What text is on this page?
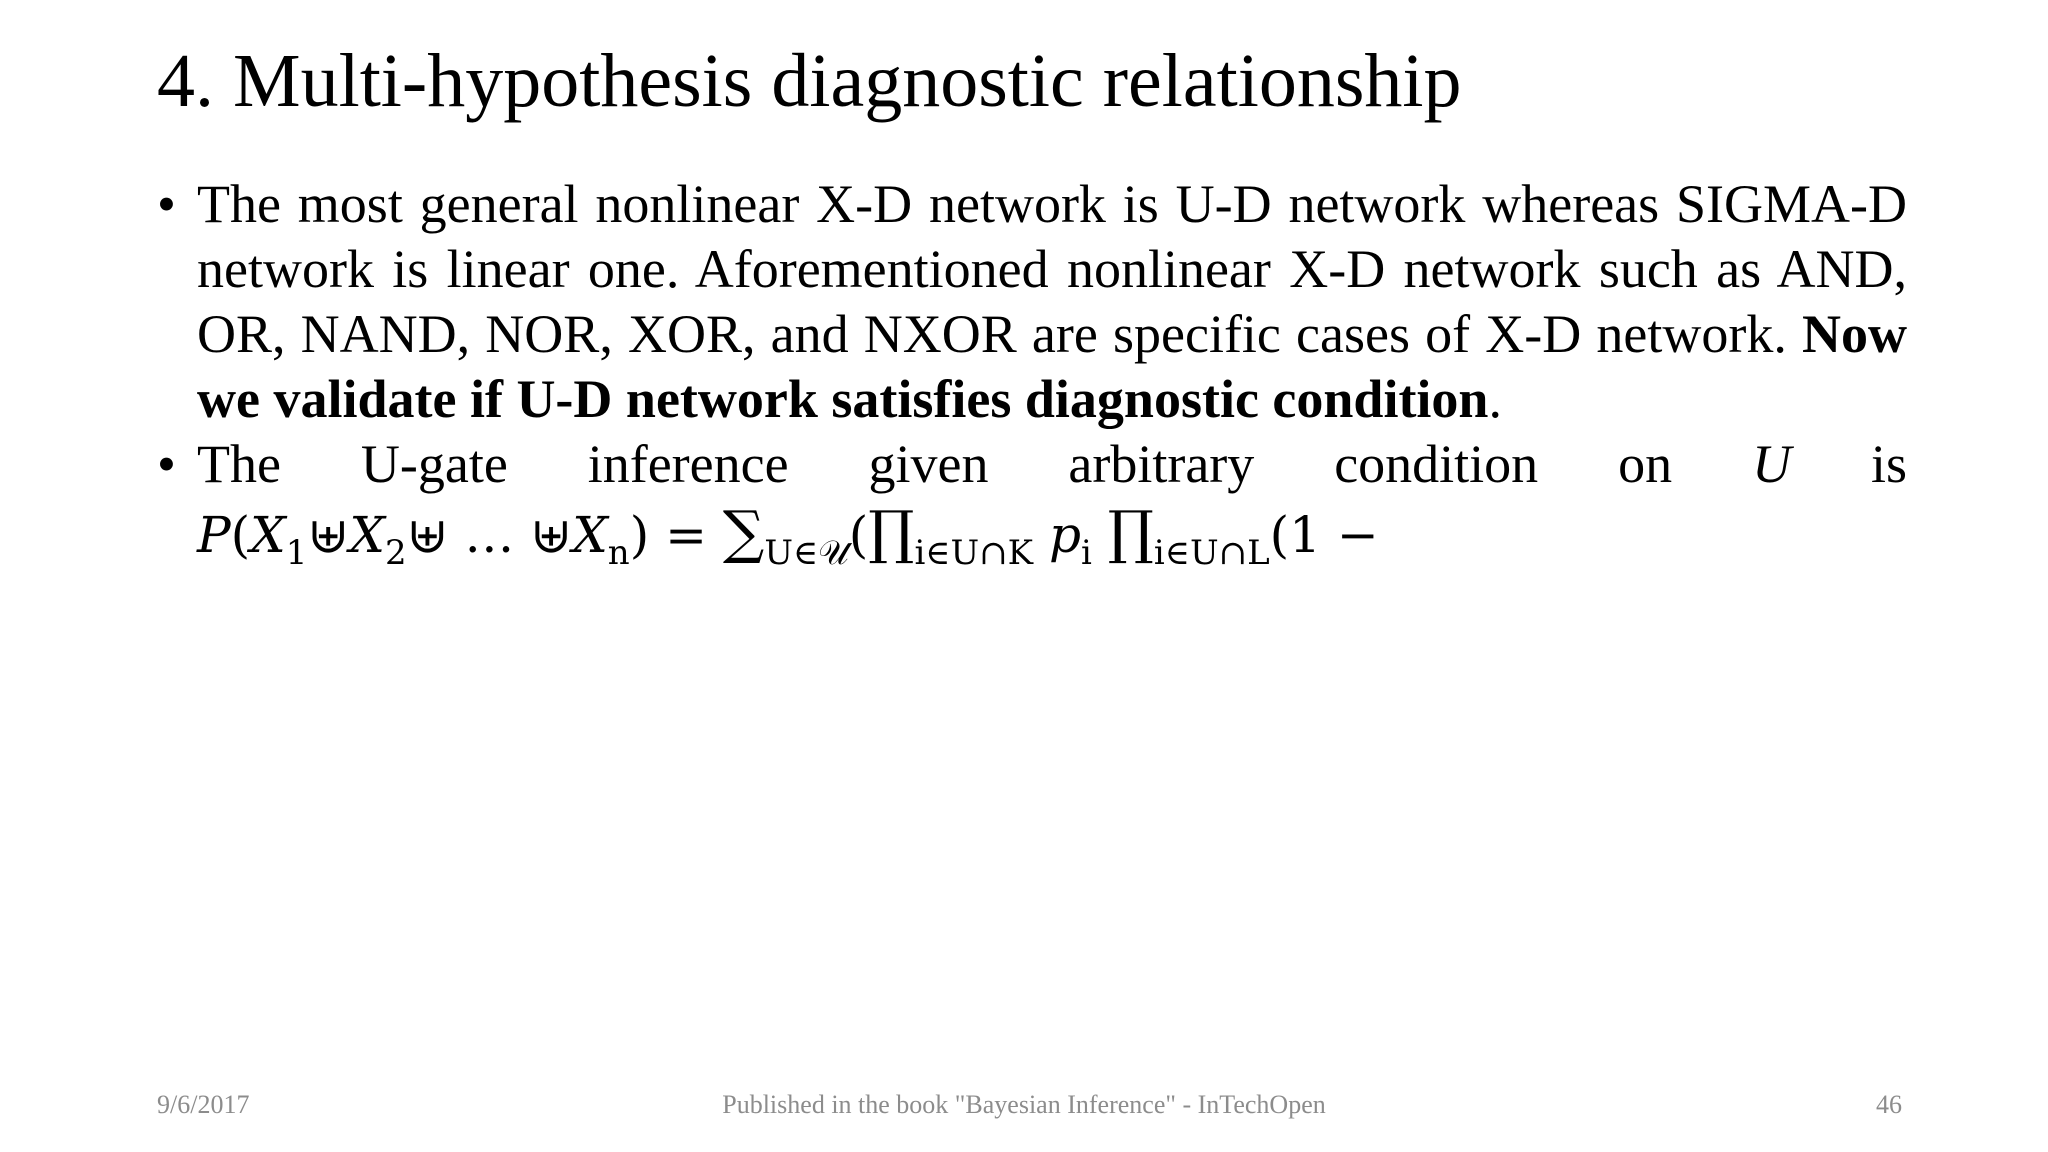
4. Multi-hypothesis diagnostic relationship
• The most general nonlinear X-D network is U-D network whereas SIGMA-D network is linear one. Aforementioned nonlinear X-D network such as AND, OR, NAND, NOR, XOR, and NXOR are specific cases of X-D network. Now we validate if U-D network satisfies diagnostic condition.
• The U-gate inference given arbitrary condition on U is
$P(X_1⊎X_2⊎$ … $⊎X_n$) = $\sum_{U\in 𝒰}(\prod_{i\in U\cap K}$ $p_i$ $\prod_{i\in U\cap L}(1$ −
9/6/2017	Published in the book "Bayesian Inference" - InTechOpen	46
